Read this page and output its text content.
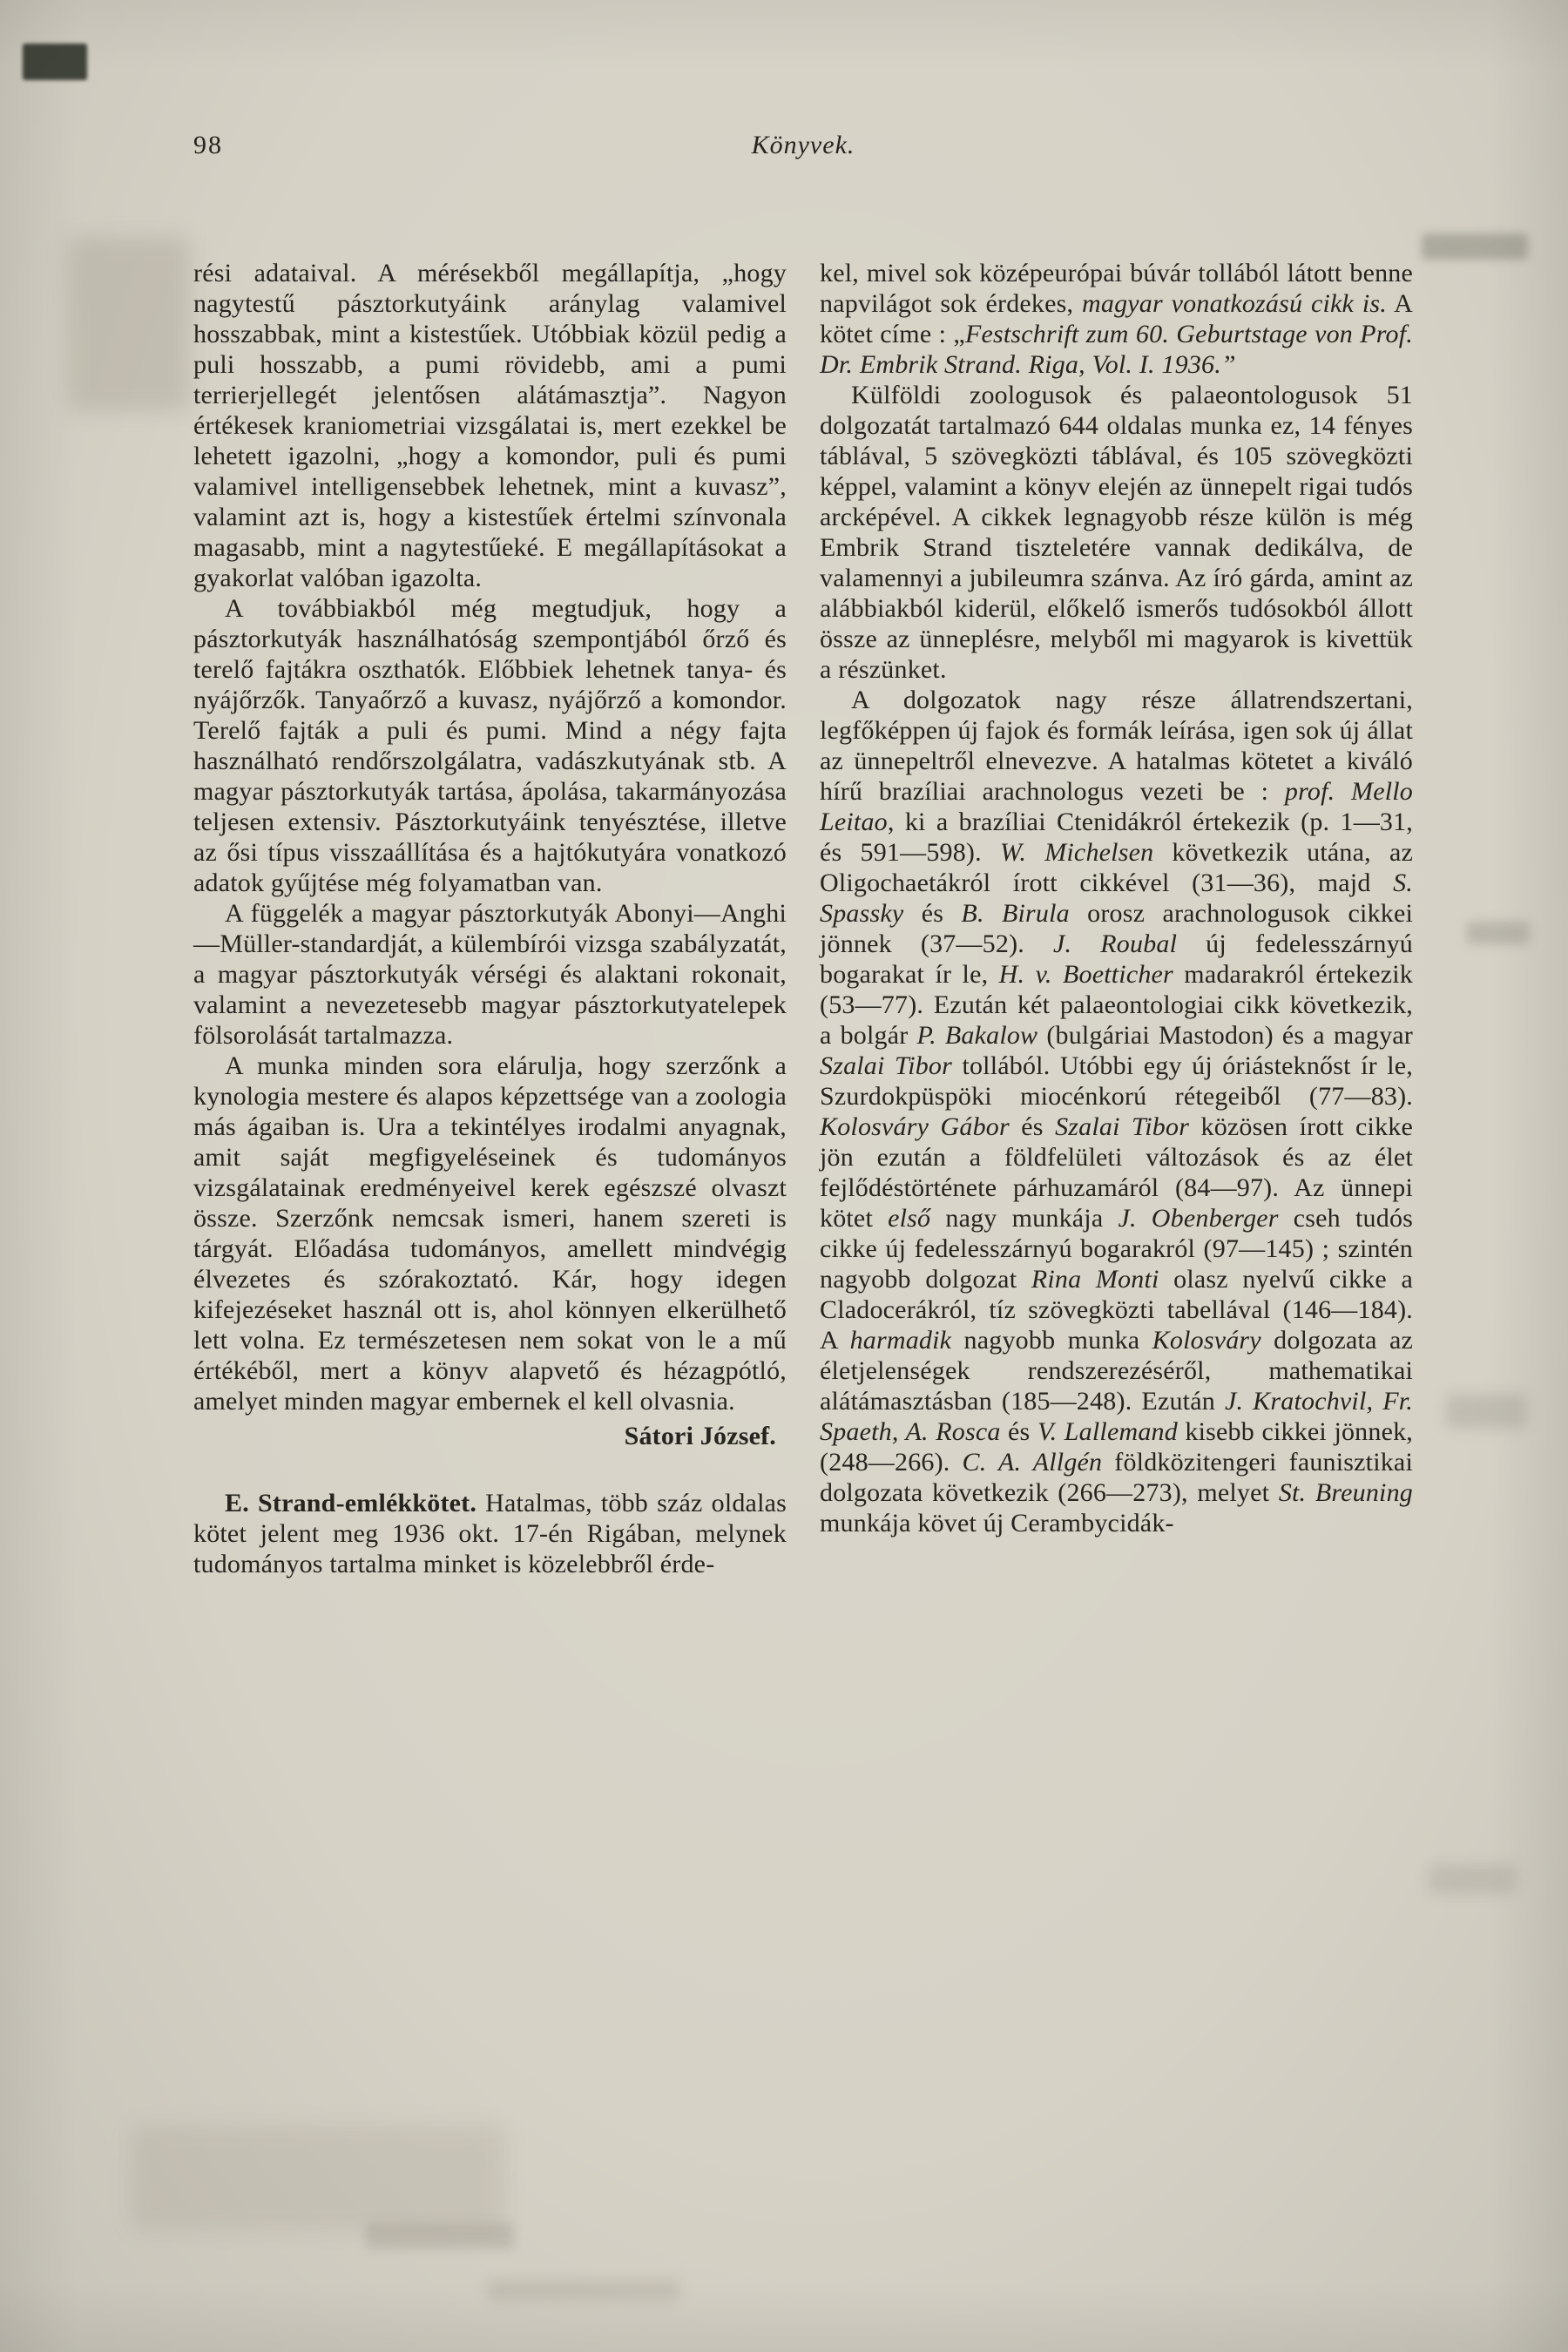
98	Könyvek.

rési adataival. A mérésekből megállapítja, „hogy nagytestű pásztorkutyáink aránylag valamivel hosszabbak, mint a kistestűek. Utóbbiak közül pedig a puli hosszabb, a pumi rövidebb, ami a pumi terrierjellegét jelentősen alátámasztja”. Nagyon értékesek kraniometriai vizsgálatai is, mert ezekkel be lehetett igazolni, „hogy a komondor, puli és pumi valamivel intelligensebbek lehetnek, mint a kuvasz”, valamint azt is, hogy a kistestűek értelmi színvonala magasabb, mint a nagytestűeké. E megállapításokat a gyakorlat valóban igazolta.

A továbbiakból még megtudjuk, hogy a pásztorkutyák használhatóság szempontjából őrző és terelő fajtákra oszthatók. Előbbiek lehetnek tanya- és nyájőrzők. Tanyaőrző a kuvasz, nyájőrző a komondor. Terelő fajták a puli és pumi. Mind a négy fajta használható rendőrszolgálatra, vadászkutyának stb. A magyar pásztorkutyák tartása, ápolása, takarmányozása teljesen extensiv. Pásztorkutyáink tenyésztése, illetve az ősi típus visszaállítása és a hajtókutyára vonatkozó adatok gyűjtése még folyamatban van.

A függelék a magyar pásztorkutyák Abonyi—Anghi—Müller-standardját, a külembírói vizsga szabályzatát, a magyar pásztorkutyák vérségi és alaktani rokonait, valamint a nevezetesebb magyar pásztorkutyatelepek fölsorolását tartalmazza.

A munka minden sora elárulja, hogy szerzőnk a kynologia mestere és alapos képzettsége van a zoologia más ágaiban is. Ura a tekintélyes irodalmi anyagnak, amit saját megfigyeléseinek és tudományos vizsgálatainak eredményeivel kerek egészszé olvaszt össze. Szerzőnk nemcsak ismeri, hanem szereti is tárgyát. Előadása tudományos, amellett mindvégig élvezetes és szórakoztató. Kár, hogy idegen kifejezéseket használ ott is, ahol könnyen elkerülhető lett volna. Ez természetesen nem sokat von le a mű értékéből, mert a könyv alapvető és hézagpótló, amelyet minden magyar embernek el kell olvasnia.

Sátori József.

E. Strand-emlékkötet. Hatalmas, több száz oldalas kötet jelent meg 1936 okt. 17-én Rigában, melynek tudományos tartalma minket is közelebbről érde-

kel, mivel sok középeurópai búvár tollából látott benne napvilágot sok érdekes, magyar vonatkozású cikk is. A kötet címe : „Festschrift zum 60. Geburtstage von Prof. Dr. Embrik Strand. Riga, Vol. I. 1936.”

Külföldi zoologusok és palaeontologusok 51 dolgozatát tartalmazó 644 oldalas munka ez, 14 fényes táblával, 5 szövegközti táblával, és 105 szövegközti képpel, valamint a könyv elején az ünnepelt rigai tudós arcképével. A cikkek legnagyobb része külön is még Embrik Strand tiszteletére vannak dedikálva, de valamennyi a jubileumra szánva. Az író gárda, amint az alábbiakból kiderül, előkelő ismerős tudósokból állott össze az ünneplésre, melyből mi magyarok is kivettük a részünket.

A dolgozatok nagy része állatrendszertani, legfőképpen új fajok és formák leírása, igen sok új állat az ünnepeltről elnevezve. A hatalmas kötetet a kiváló hírű brazíliai arachnologus vezeti be : prof. Mello Leitao, ki a brazíliai Ctenidákról értekezik (p. 1—31, és 591—598). W. Michelsen következik utána, az Oligochaetákról írott cikkével (31—36), majd S. Spassky és B. Birula orosz arachnologusok cikkei jönnek (37—52). J. Roubal új fedelesszárnyú bogarakat ír le, H. v. Boetticher madarakról értekezik (53—77). Ezután két palaeontologiai cikk következik, a bolgár P. Bakalow (bulgáriai Mastodon) és a magyar Szalai Tibor tollából. Utóbbi egy új óriásteknőst ír le, Szurdokpüspöki miocénkorú rétegeiből (77—83). Kolosváry Gábor és Szalai Tibor közösen írott cikke jön ezután a földfelületi változások és az élet fejlődéstörténete párhuzamáról (84—97). Az ünnepi kötet első nagy munkája J. Obenberger cseh tudós cikke új fedelesszárnyú bogarakról (97—145) ; szintén nagyobb dolgozat Rina Monti olasz nyelvű cikke a Cladocerákról, tíz szövegközti tabellával (146—184). A harmadik nagyobb munka Kolosváry dolgozata az életjelenségek rendszerezéséről, mathematikai alátámasztásban (185—248). Ezután J. Kratochvil, Fr. Spaeth, A. Rosca és V. Lallemand kisebb cikkei jönnek, (248—266). C. A. Allgén földközitengeri faunisztikai dolgozata következik (266—273), melyet St. Breuning munkája követ új Cerambycidák-
